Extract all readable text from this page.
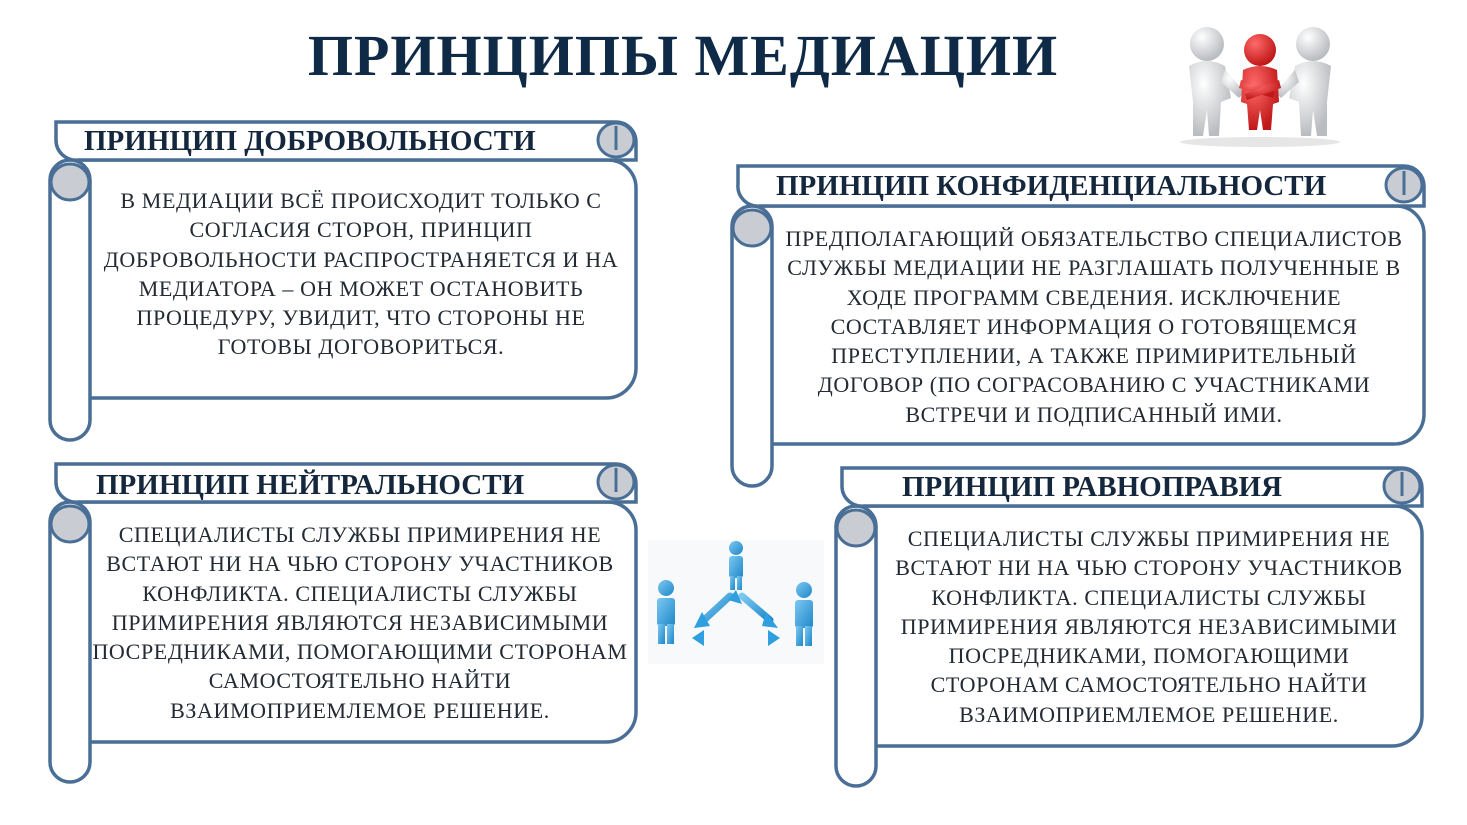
ПРИНЦИПЫ МЕДИАЦИИ
ПРИНЦИП ДОБРОВОЛЬНОСТИ
В МЕДИАЦИИ ВСЁ ПРОИСХОДИТ ТОЛЬКО С
СОГЛАСИЯ СТОРОН, ПРИНЦИП
ДОБРОВОЛЬНОСТИ РАСПРОСТРАНЯЕТСЯ И НА
МЕДИАТОРА – ОН МОЖЕТ ОСТАНОВИТЬ
ПРОЦЕДУРУ, УВИДИТ, ЧТО СТОРОНЫ НЕ
ГОТОВЫ ДОГОВОРИТЬСЯ.
ПРИНЦИП КОНФИДЕНЦИАЛЬНОСТИ
ПРЕДПОЛАГАЮЩИЙ ОБЯЗАТЕЛЬСТВО СПЕЦИАЛИСТОВ
СЛУЖБЫ МЕДИАЦИИ НЕ РАЗГЛАШАТЬ ПОЛУЧЕННЫЕ В
ХОДЕ ПРОГРАММ СВЕДЕНИЯ. ИСКЛЮЧЕНИЕ
СОСТАВЛЯЕТ ИНФОРМАЦИЯ О ГОТОВЯЩЕМСЯ
ПРЕСТУПЛЕНИИ, А ТАКЖЕ ПРИМИРИТЕЛЬНЫЙ
ДОГОВОР (ПО СОГРАСОВАНИЮ С УЧАСТНИКАМИ
ВСТРЕЧИ И ПОДПИСАННЫЙ ИМИ.
ПРИНЦИП НЕЙТРАЛЬНОСТИ
СПЕЦИАЛИСТЫ СЛУЖБЫ ПРИМИРЕНИЯ НЕ
ВСТАЮТ НИ НА ЧЬЮ СТОРОНУ УЧАСТНИКОВ
КОНФЛИКТА. СПЕЦИАЛИСТЫ СЛУЖБЫ
ПРИМИРЕНИЯ ЯВЛЯЮТСЯ НЕЗАВИСИМЫМИ
ПОСРЕДНИКАМИ, ПОМОГАЮЩИМИ СТОРОНАМ
САМОСТОЯТЕЛЬНО НАЙТИ
ВЗАИМОПРИЕМЛЕМОЕ РЕШЕНИЕ.
ПРИНЦИП РАВНОПРАВИЯ
СПЕЦИАЛИСТЫ СЛУЖБЫ ПРИМИРЕНИЯ НЕ
ВСТАЮТ НИ НА ЧЬЮ СТОРОНУ УЧАСТНИКОВ
КОНФЛИКТА. СПЕЦИАЛИСТЫ СЛУЖБЫ
ПРИМИРЕНИЯ ЯВЛЯЮТСЯ НЕЗАВИСИМЫМИ
ПОСРЕДНИКАМИ, ПОМОГАЮЩИМИ
СТОРОНАМ САМОСТОЯТЕЛЬНО НАЙТИ
ВЗАИМОПРИЕМЛЕМОЕ РЕШЕНИЕ.
